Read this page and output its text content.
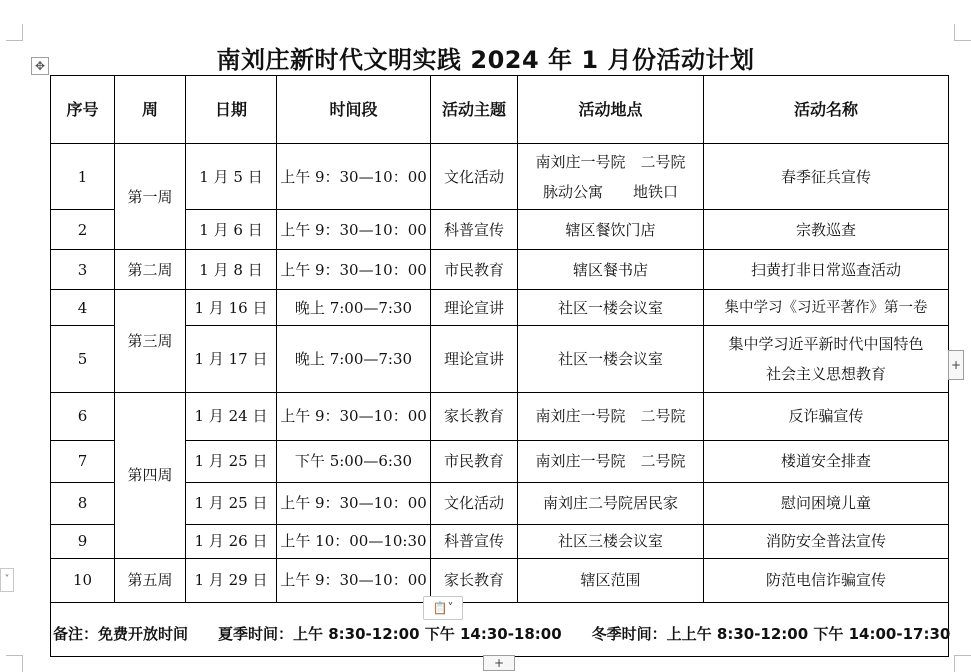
南刘庄新时代文明实践 2024 年 1 月份活动计划
✥
序号	周	日期	时间段	活动主题	活动地点	活动名称
1	第一周	1 月 5 日	上午 9：30—10：00	文化活动	南刘庄一号院　二号院
脉动公寓　　地铁口	春季征兵宣传
2		1 月 6 日	上午 9：30—10：00	科普宣传	辖区餐饮门店	宗教巡查
3	第二周	1 月 8 日	上午 9：30—10：00	市民教育	辖区餐书店	扫黄打非日常巡查活动
4	第三周	1 月 16 日	晚上 7:00—7:30	理论宣讲	社区一楼会议室	集中学习《习近平著作》第一卷
5		1 月 17 日	晚上 7:00—7:30	理论宣讲	社区一楼会议室	集中学习近平新时代中国特色
社会主义思想教育
6	第四周	1 月 24 日	上午 9：30—10：00	家长教育	南刘庄一号院　二号院	反诈骗宣传
7		1 月 25 日	下午 5:00—6:30	市民教育	南刘庄一号院　二号院	楼道安全排查
8		1 月 25 日	上午 9：30—10：00	文化活动	南刘庄二号院居民家	慰问困境儿童
9		1 月 26 日	上午 10：00—10:30	科普宣传	社区三楼会议室	消防安全普法宣传
10	第五周	1 月 29 日	上午 9：30—10：00	家长教育	辖区范围	防范电信诈骗宣传
备注：免费开放时间　　夏季时间：上午 8:30-12:00 下午 14:30-18:00　　冬季时间：上上午 8:30-12:00 下午 14:00-17:30						
+
+
📋˅
˅
